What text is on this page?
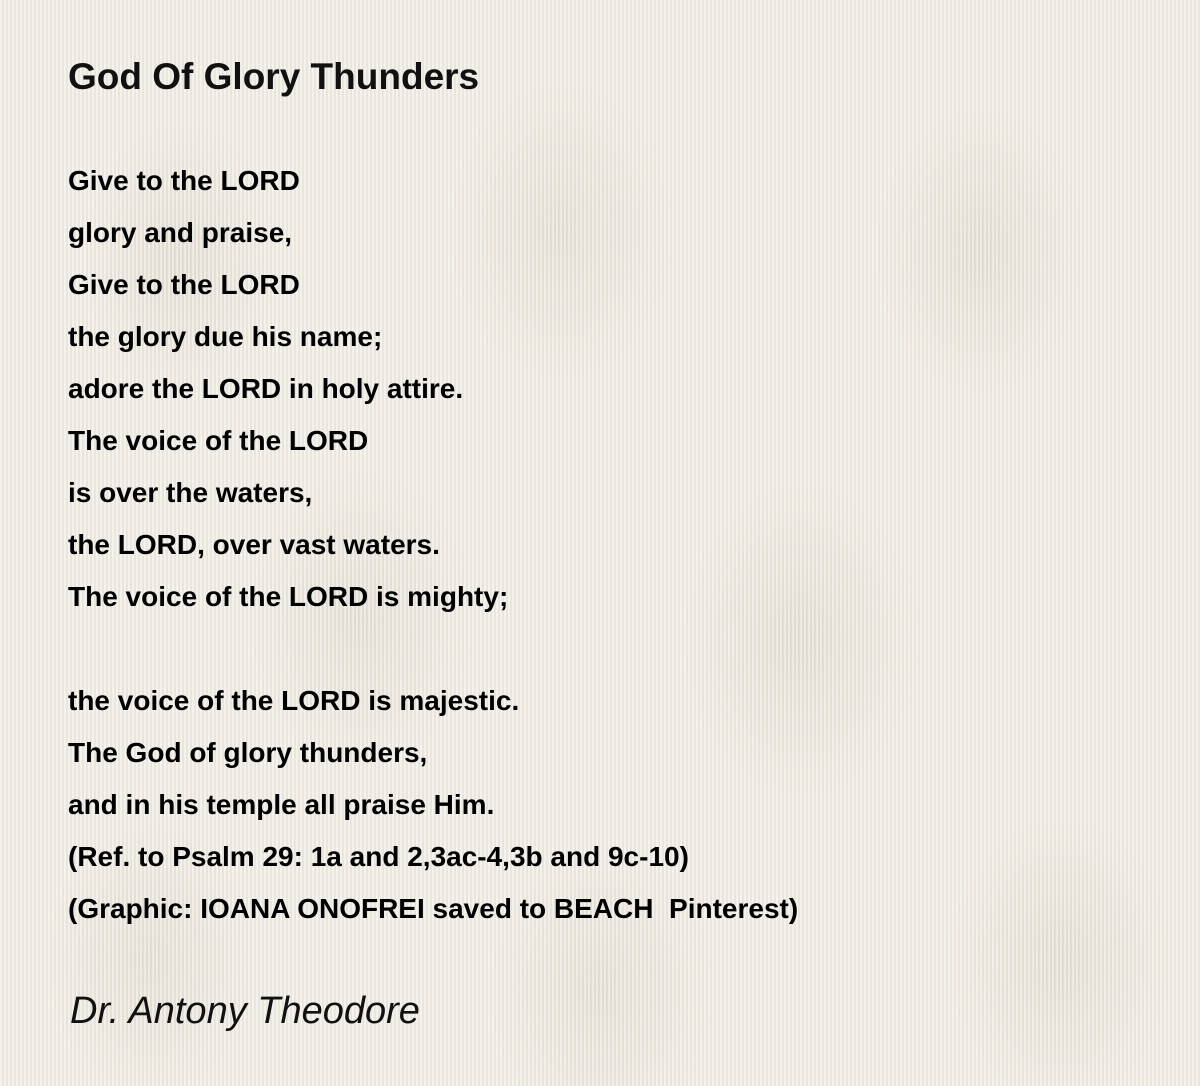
God Of Glory Thunders
Give to the LORD
glory and praise,
Give to the LORD
the glory due his name;
adore the LORD in holy attire.
The voice of the LORD
is over the waters,
the LORD, over vast waters.
The voice of the LORD is mighty;
the voice of the LORD is majestic.
The God of glory thunders,
and in his temple all praise Him.
(Ref. to Psalm 29: 1a and 2,3ac-4,3b and 9c-10)
(Graphic: IOANA ONOFREI saved to BEACH  Pinterest)
Dr. Antony Theodore
